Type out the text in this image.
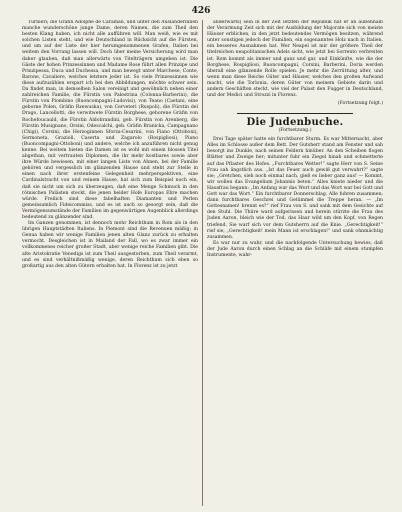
426

Turnieri; die Gräfin Adolphe de Caraman, und unter den Ausländerinnen manche wunderschöne junge Dame, deren Namen, die zum Theil den besten Klang haben, ich nicht alle aufführen will. Man weiß, wie es mit solchen Listen steht, und wie Deutschland in Rücksicht auf die Fürsten, und um auf der Liste der hier herumgenommenen Grafen, Italien bei weitem den Vorrang lassen will. Doch über meine Versicherung wird man daher glauben, daß man allerwärts von Titelträgern umgeben ist. Die Gäste der hohen Prinzessinnen und Madame Rose führt allen Prinzipe und Prinzipessa, Duca und Duchessa, und man bewegt unter Marchese, Conte, Barone, Cavaliere, welches letztere jeder ist. So viele Prinzessinnen wie diese aufzuzählen erspart ich bei den Abbildungen, möchte schwer sein. Da findet man, in demselben Salon vereinigt und gewöhnlich neben einer zahlreichen Familie, die Fürstin von Palestrina (Colonna-Barberini), die Fürstin von Piombino (Buoncompagni-Ludovisi), von Teano (Caetani, eine geborne Polen, Gräfin Rzewuska), von Cerveteri (Ruspoli), die Fürstin del Drago, Lancellotti, die verwitwete Fürstin Borghese, geborene Gräfin von Rochefoucauld, die Fürstin Aldobrandini, geb. Fürstin von Arenberg, die Fürstin Musignano, Orsini, Odescalchi, geb. Gräfin Branicka, Campagnano (Chigi), Corsini, die Herzoginnen Sforza-Cesarini, von Fiano (Ottoboni), Sermoneta, Grazioli, Caserta und Zagarolo (Rospigliosi), Piano (Buoncompagni-Ottoboni) und andere, welche ich anzuführen nicht genug kenne. Bei weitem bieten die Damen ist es wohl mit einem blossen Titel abgethan, mit vertrauten Diplomen, die ihr mehr kostbares sowie aber ihre Würde bewiesen, mit einer langen Liste von Ahnen, bei der Familie gehören und vergesslich im glänzenden Hause und steht zur Stelle in einen nach ihrer erstenfeine Gelegenheit mehrperspektiven, eine Cardinalstracht von und reinem Hause, hat sich zum Beispiel noch ein, daß sie nicht um sich zu überzeugen, daß eine Menge Schmuck in den römischen Palästen steckt, die jenen beider Hofe Europas Ehre machen würde. Freilich sind diese fabelhaften Diamanten und Perlen gemeinsamlich Fideicommiss, und es ist auch so gesorgt sein, daß die Vermögensumstände der Familien im gegenwärtigen Augenblick allerdings bedeutend zu glänzender sind.

Im Ganzen genommen, ist dennoch mehr Reichthum in Rom als in den übrigen Hauptstädten Italiens. In Piemont sind die Revenuen mäßig; in Genua haben wir wenige Familien jenen alten Glanz zurück zu erhalten vermocht. Desgleichen ist in Mailand der Fall, wo es zwar immer ein vollkommenes reicher großer Stadt, aber wenige reiche Familien gibt. Die alte Aristokratie Venedigs ist zum Theil ausgestorben, zum Theil verarmt, und es sind verhältnißmäßig wenige, deren Reichthum sich eben so großartig aus den alten Gütern erhalten hat. In Florenz ist zu jetzt

anderwärts) sein in der Zeit letzten der Republik hat er an außenhalb der Verarmung Zeit sich mit der Ausbildung der Majorate sich von meiste Häuser erblichen, in den jetzt bedeutendes Vermögen besitzen, während unter sonstigen jedoch der Familien, ein sogenanntes Holz nach in Italien, ein besseres Ausnahmen hat. Wer Neapel ist mir der größere Theil der titelreichen neapolitanischen Adels sicht, wie jetzt bei Sorrento verbreiten ist. Rom kommt als immer und ganz und gar, und Einkünfte, wie die der Borghese, Rospigliosi, Buoncompagni, Corsini, Barberini, Doria werden überall eine glänzende Rolle spielen. Je mehr die Zerrüttung alter, und wenn man diese Reiche Güter und Häuser, welches den großen Aufwand macht, wie die Torlonia, deren Güter von meinem Gebiete darin und andern Geschäften steckt, wie viel der Palast den Fugger in Deutschland, und der Medici und Strozzi in Florenz.

(Fortsetzung folgt.)
Die Judenbuche.
(Fortsetzung.)

Drei Tage später hatte ein furchtbarer Sturm. Es war Mitternacht, aber Alles im Schlosse außer dem Bett. Der Gutsherr stand am Fenster und sah besorgt ins Dunkle, nach seinen Feldern hinüber. An den Scheiben flogen Blätter und Zweige her; mitunter fuhr ein Ziegel hinab und schmetterte auf das Pflaster des Hofes. „Furchtbares Wetter!“ sagte Herr von S. Seine Frau sah ängstlich aus. „Ist das Feuer auch gewiß gut verwahrt?“ sagte sie; „Gretchen, sieh noch einmal nach, gieß es lieber ganz aus! — Kommt, wir wollen das Evangelium Johannis beten.“ Alles kniete nieder und die Hausfrau begann: „Im Anfang war das Wort und das Wort war bei Gott und Gott war das Wort.“ Ein furchtbarer Donnerschlag. Alle fuhren zusammen; dann furchtbares Geschrei und Getümmel die Treppe heran. — „Im Gottesnamen! brennt es?“ rief Frau von S. und sank mit dem Gesichte auf den Stuhl. Die Thüre ward aufgerissen und herein stürzte die Frau des Juden Aaron, bleich wie der Tod, das Haar wild um den Kopf, von Regen triefend. Sie warf sich vor dem Gutsherrn auf die Knie. „Gerechtigkeit!“ rief sie, „Gerechtigkeit! mein Mann ist erschlagen!“ und sank ohnmächtig zusammen.

Es war nur zu wahr, und die nachfolgende Untersuchung bewies, daß der Jude Aaron durch einen Schlag an die Schläfe mit einem stumpfen Instrumente, wahr-
